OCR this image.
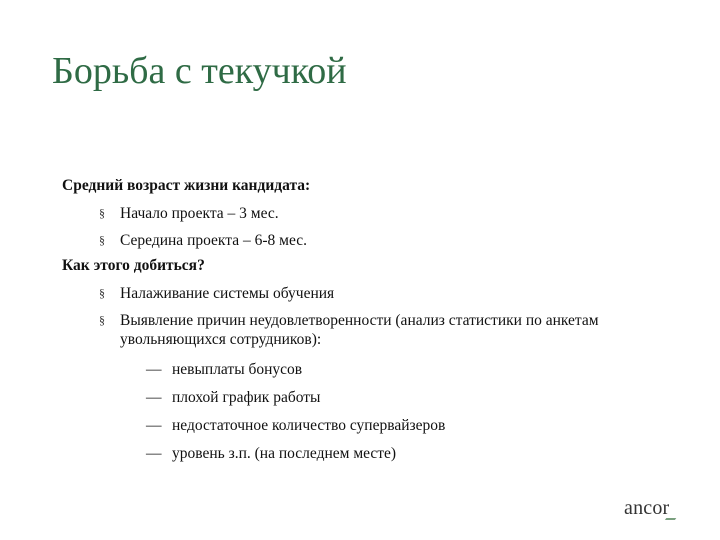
Борьба с текучкой
Средний возраст жизни кандидата:
§ Начало проекта – 3 мес.
§ Середина проекта – 6-8 мес.
Как этого добиться?
§ Налаживание системы обучения
§ Выявление причин неудовлетворенности (анализ статистики по анкетам увольняющихся сотрудников):
— невыплаты бонусов
— плохой график работы
— недостаточное количество супервайзеров
— уровень з.п. (на последнем месте)
ancor
